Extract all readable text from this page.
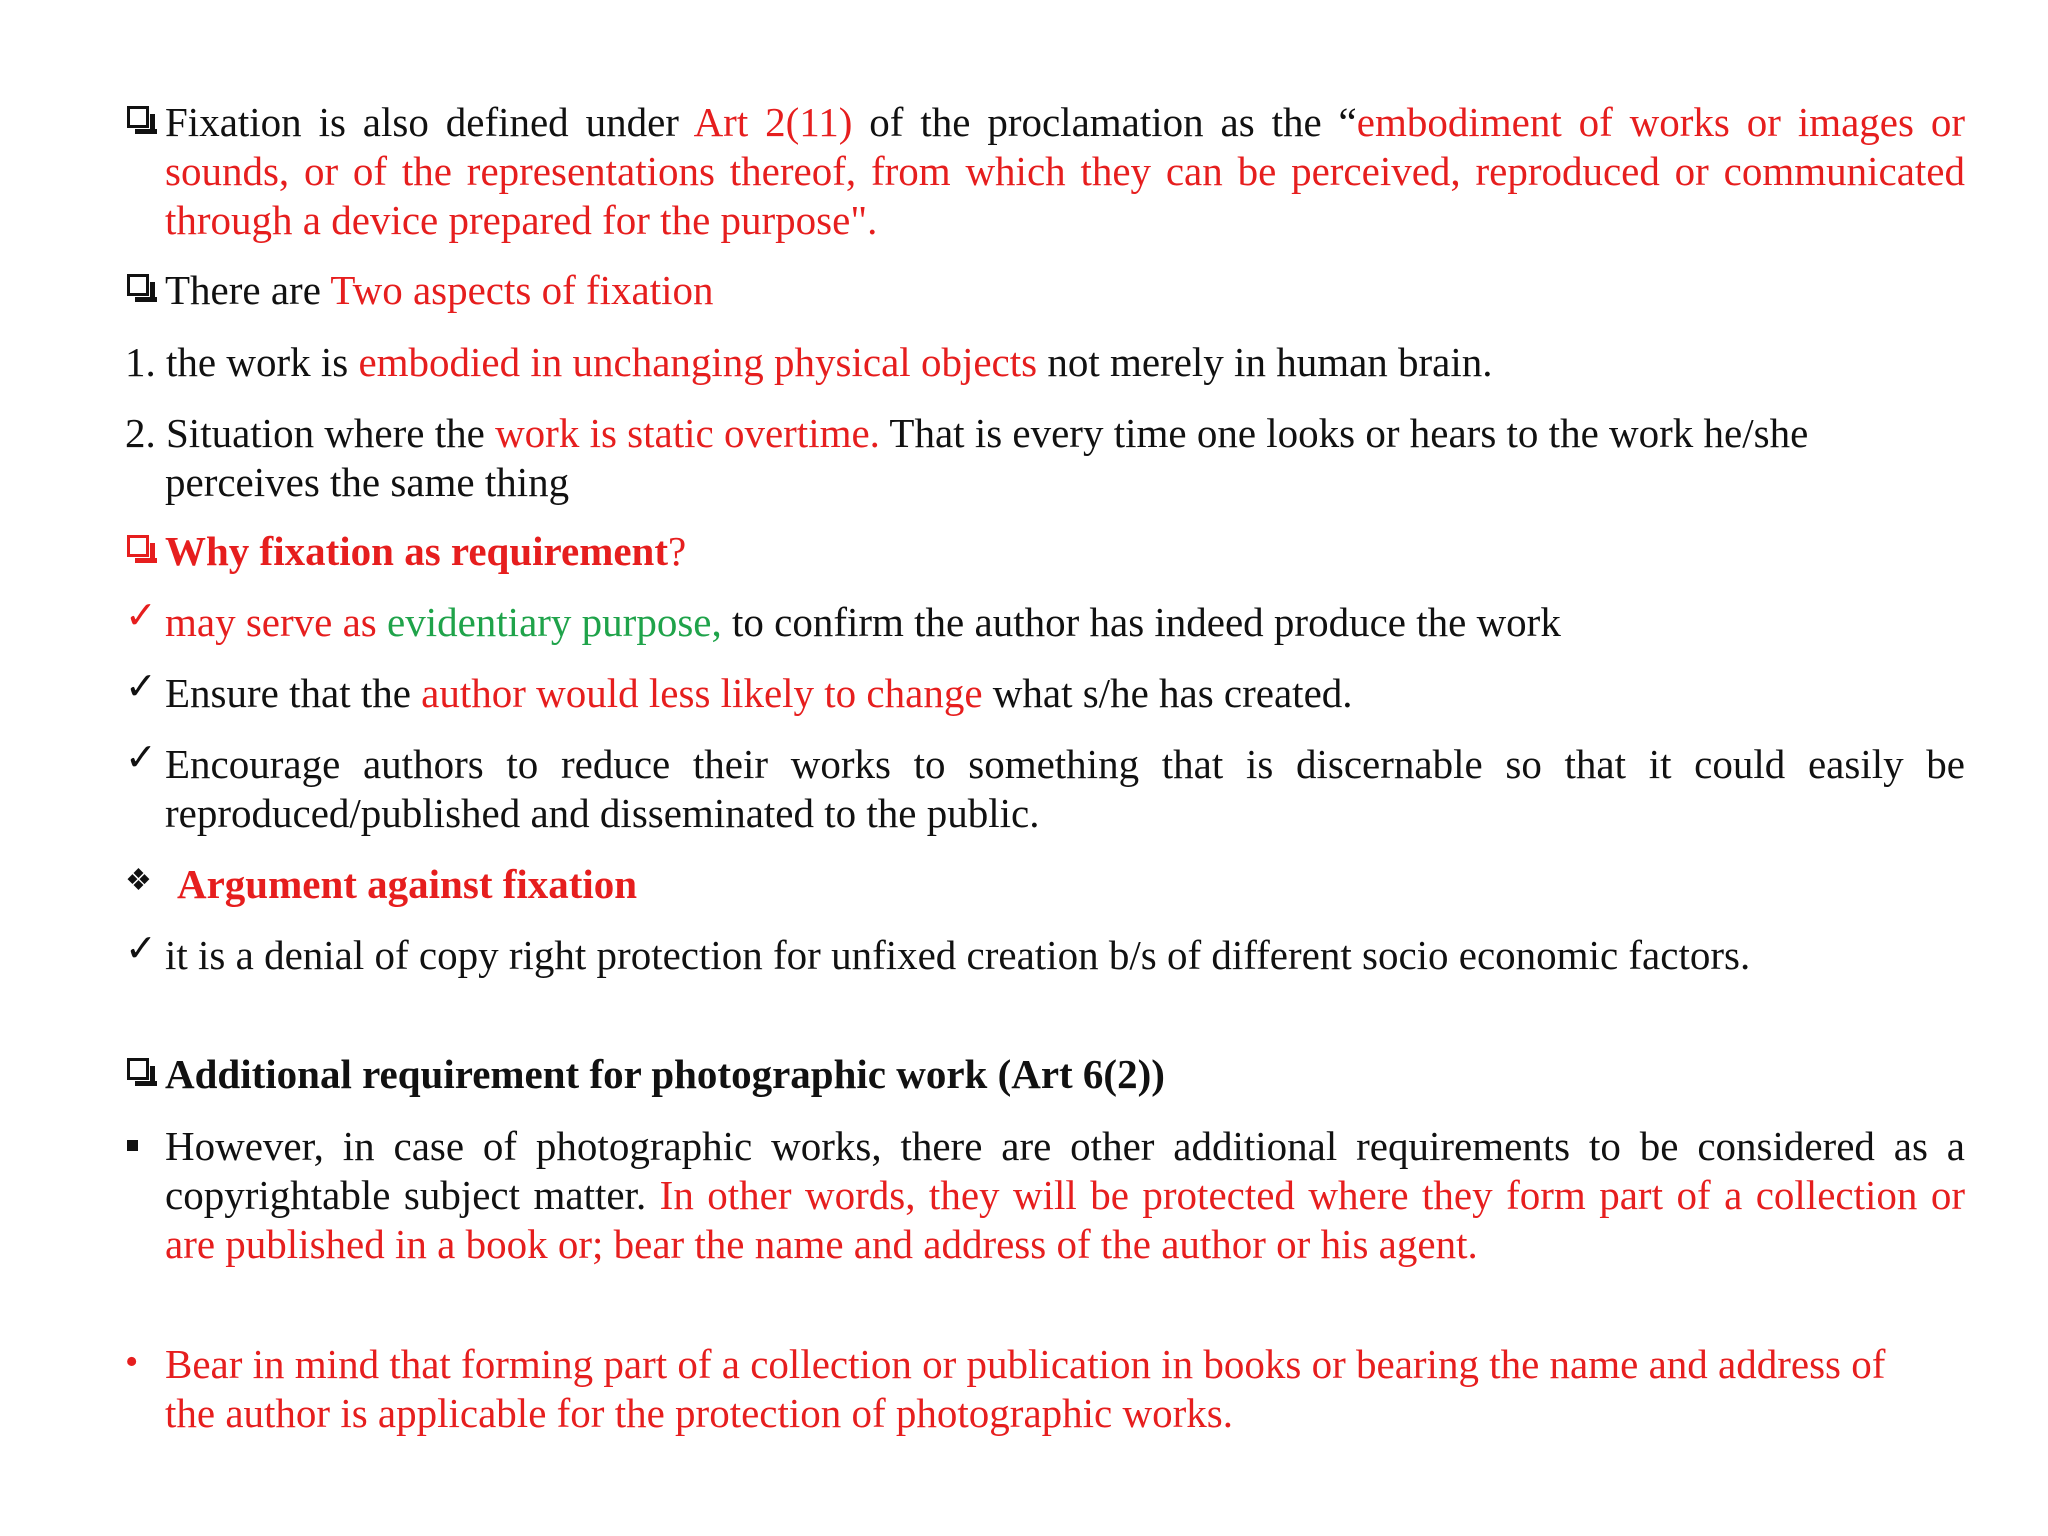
Fixation is also defined under Art 2(11) of the proclamation as the “embodiment of works or images or sounds, or of the representations thereof, from which they can be perceived, reproduced or communicated through a device prepared for the purpose".
There are Two aspects of fixation
1. the work is embodied in unchanging physical objects not merely in human brain.
2. Situation where the work is static overtime. That is every time one looks or hears to the work he/she perceives the same thing
Why fixation as requirement?
✓ may serve as evidentiary purpose, to confirm the author has indeed produce the work
✓ Ensure that the author would less likely to change what s/he has created.
✓ Encourage authors to reduce their works to something that is discernable so that it could easily be reproduced/published and disseminated to the public.
❖ Argument against fixation
✓ it is a denial of copy right protection for unfixed creation b/s of different socio economic factors.
Additional requirement for photographic work (Art 6(2))
However, in case of photographic works, there are other additional requirements to be considered as a copyrightable subject matter. In other words, they will be protected where they form part of a collection or are published in a book or; bear the name and address of the author or his agent.
• Bear in mind that forming part of a collection or publication in books or bearing the name and address of the author is applicable for the protection of photographic works.
